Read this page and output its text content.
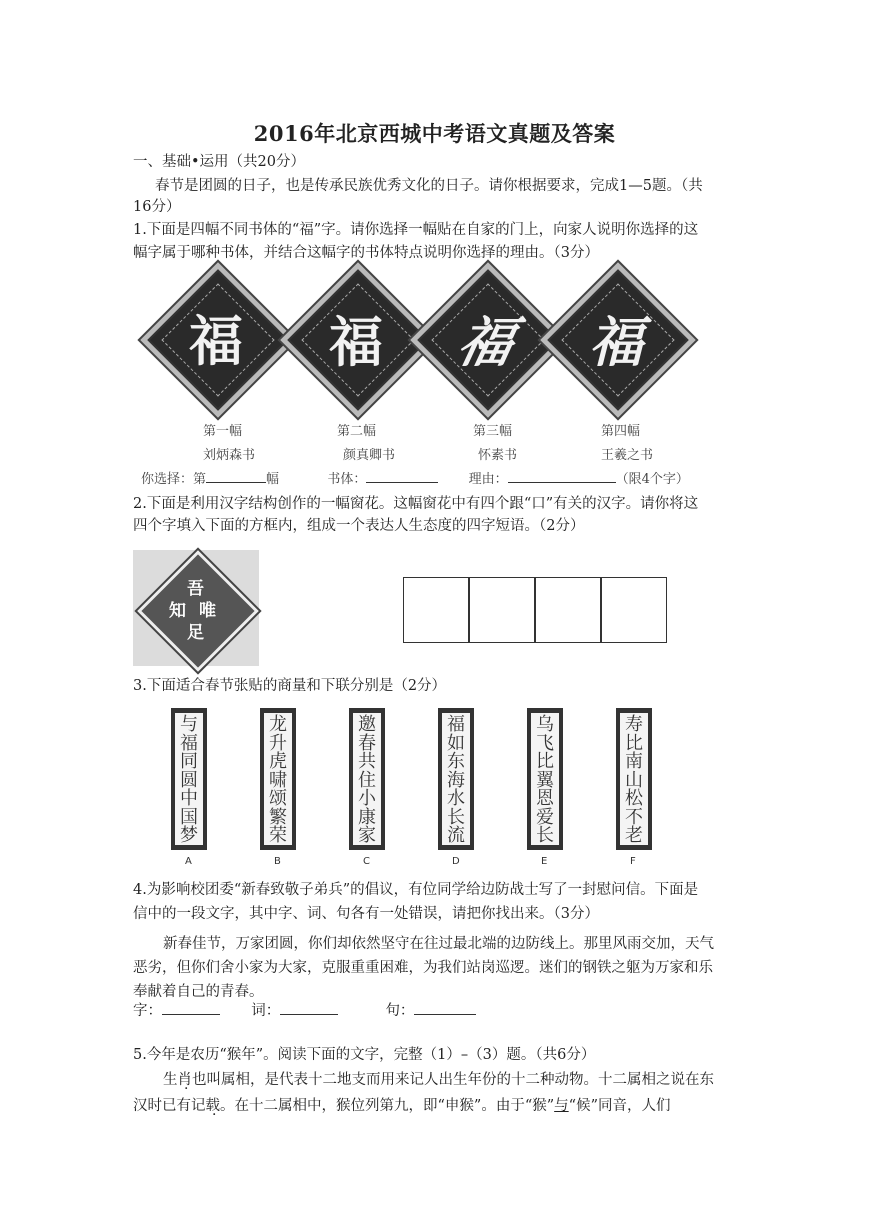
2016年北京西城中考语文真题及答案
一、基础•运用（共20分）
春节是团圆的日子，也是传承民族优秀文化的日子。请你根据要求，完成1—5题。（共
16分）
1.下面是四幅不同书体的“福”字。请你选择一幅贴在自家的门上，向家人说明你选择的这
幅字属于哪种书体，并结合这幅字的书体特点说明你选择的理由。（3分）
福	福	福	福
第一幅	第二幅	第三幅	第四幅
刘炳森书	颜真卿书	怀素书	王羲之书
你选择：第	幅	书体：	理由：	（限4个字）
2.下面是利用汉字结构创作的一幅窗花。这幅窗花中有四个跟“口”有关的汉字。请你将这
四个字填入下面的方框内，组成一个表达人生态度的四字短语。（2分）
吾
唯
知
足
3.下面适合春节张贴的商量和下联分别是（2分）
与福同圆中国梦
龙升虎啸颂繁荣
邀春共住小康家
福如东海水长流
乌飞比翼恩爱长
寿比南山松不老
A	B	C	D	E	F
4.为影响校团委“新春致敬子弟兵”的倡议，有位同学给边防战士写了一封慰问信。下面是
信中的一段文字，其中字、词、句各有一处错误，请把你找出来。（3分）
新春佳节，万家团圆，你们却依然坚守在往过最北端的边防线上。那里风雨交加，天气
恶劣，但你们舍小家为大家，克服重重困难，为我们站岗巡逻。迷们的钢铁之躯为万家和乐
奉献着自己的青春。
字：	词：	句：
5.今年是农历“猴年”。阅读下面的文字，完整（1）–（3）题。（共6分）
生肖也叫属相，是代表十二地支而用来记人出生年份的十二种动物。十二属相之说在东
汉时已有记载。在十二属相中，猴位列第九，即“申猴”。由于“猴”与“候”同音，人们
